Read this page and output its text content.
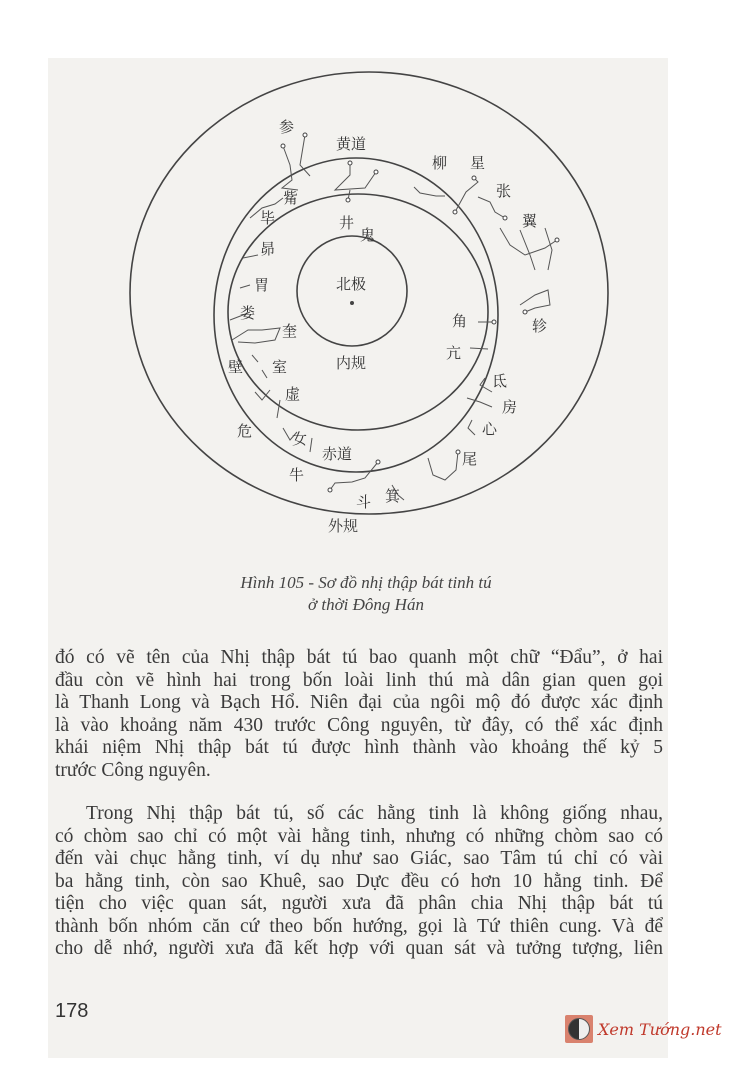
参
黄道
柳 星
张
翼
觜
毕	井
鬼
昴
胃	北极
娄
奎
角	轸
亢
壁 室	内规
虚
氐
房
心
危	女
赤道	尾
牛
斗 箕
外规
Hình 105 - Sơ đồ nhị thập bát tinh tú
ở thời Đông Hán
đó có vẽ tên của Nhị thập bát tú bao quanh một chữ “Đẩu”, ở hai
đầu còn vẽ hình hai trong bốn loài linh thú mà dân gian quen gọi
là Thanh Long và Bạch Hổ. Niên đại của ngôi mộ đó được xác định
là vào khoảng năm 430 trước Công nguyên, từ đây, có thể xác định
khái niệm Nhị thập bát tú được hình thành vào khoảng thế kỷ 5
trước Công nguyên.
Trong Nhị thập bát tú, số các hằng tinh là không giống nhau,
có chòm sao chỉ có một vài hằng tinh, nhưng có những chòm sao có
đến vài chục hằng tinh, ví dụ như sao Giác, sao Tâm tú chỉ có vài
ba hằng tinh, còn sao Khuê, sao Dực đều có hơn 10 hằng tinh. Để
tiện cho việc quan sát, người xưa đã phân chia Nhị thập bát tú
thành bốn nhóm căn cứ theo bốn hướng, gọi là Tứ thiên cung. Và để
cho dễ nhớ, người xưa đã kết hợp với quan sát và tưởng tượng, liên
178
Xem Tướng.net
